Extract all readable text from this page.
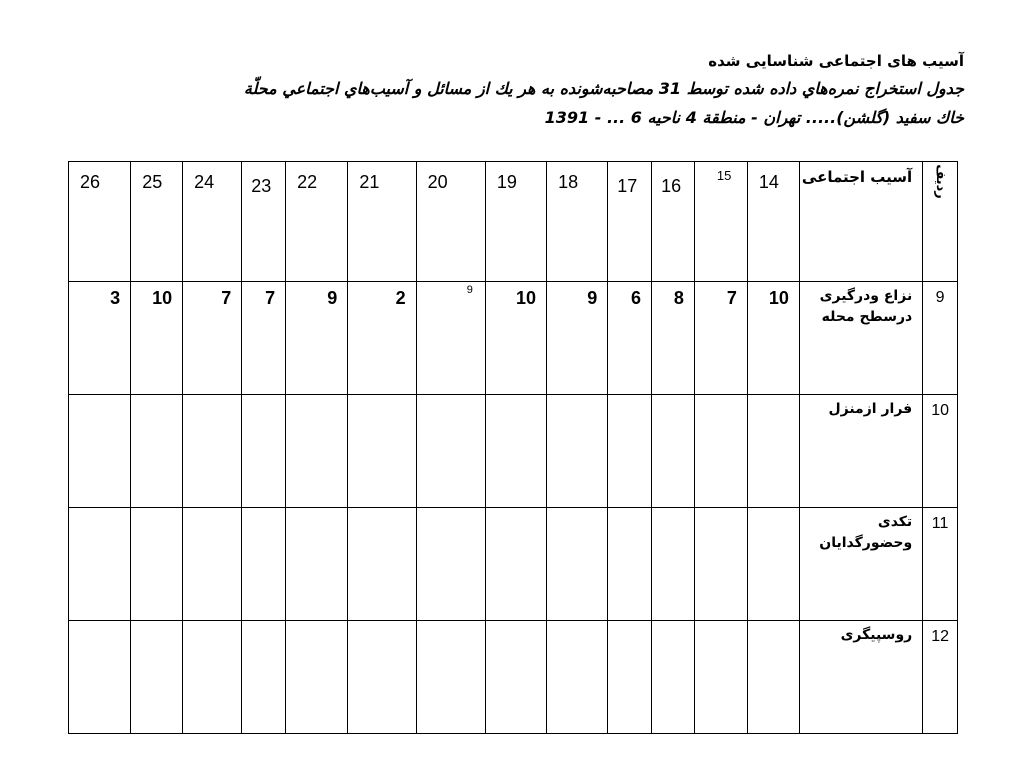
آسیب های اجتماعی شناسایی شده
جدول استخراج نمره‌هاي داده شده توسط 31 مصاحبه‌شونده به هر يك از مسائل و آسيب‌هاي اجتماعي محلّة
خاك سفيد (گلشن)..... تهران - منطقة 4 ناحيه 6 ... - 1391
26	25	24	23	22	21	20	19	18	17	16	15	14	آسیب اجتماعی	رديف
3	10	7	7	9	2	9	10	9	6	8	7	10	نزاع ودرگیری درسطح محله	9
													فرار ازمنزل	10
													تکدی وحضورگدایان	11
													روسپیگری	12
